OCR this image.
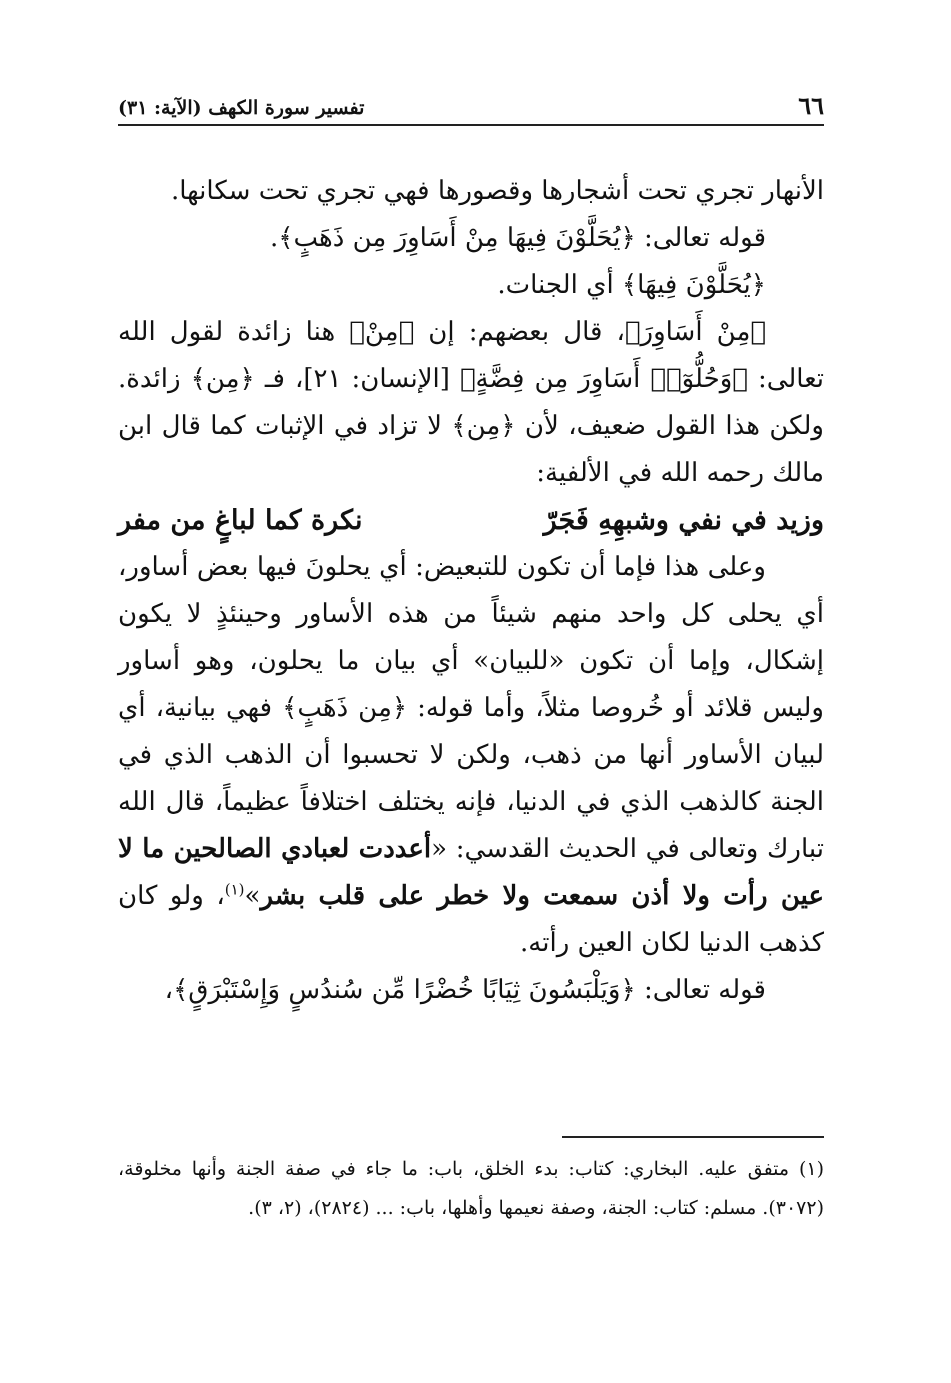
٦٦
تفسير سورة الكهف (الآية: ٣١)

الأنهار تجري تحت أشجارها وقصورها فهي تجري تحت سكانها.

قوله تعالى: ﴿يُحَلَّوْنَ فِيهَا مِنْ أَسَاوِرَ مِن ذَهَبٍ﴾.

﴿يُحَلَّوْنَ فِيهَا﴾ أي الجنات.

﴿مِنْ أَسَاوِرَ﴾، قال بعضهم: إن ﴿مِنْ﴾ هنا زائدة لقول الله تعالى: ﴿وَحُلُّوٓا۟ أَسَاوِرَ مِن فِضَّةٍ﴾ [الإنسان: ٢١]، فـ ﴿مِن﴾ زائدة. ولكن هذا القول ضعيف، لأن ﴿مِن﴾ لا تزاد في الإثبات كما قال ابن مالك رحمه الله في الألفية:

وزيد في نفي وشبهِهِ فَجَرّ
نكرة كما لباغٍ من مفر

وعلى هذا فإما أن تكون للتبعيض: أي يحلونَ فيها بعض أساور، أي يحلى كل واحد منهم شيئاً من هذه الأساور وحينئذٍ لا يكون إشكال، وإما أن تكون «للبيان» أي بيان ما يحلون، وهو أساور وليس قلائد أو خُروصا مثلاً، وأما قوله: ﴿مِن ذَهَبٍ﴾ فهي بيانية، أي لبيان الأساور أنها من ذهب، ولكن لا تحسبوا أن الذهب الذي في الجنة كالذهب الذي في الدنيا، فإنه يختلف اختلافاً عظيماً، قال الله تبارك وتعالى في الحديث القدسي: «أعددت لعبادي الصالحين ما لا عين رأت ولا أذن سمعت ولا خطر على قلب بشر»$^{(١)}$، ولو كان كذهب الدنيا لكان العين رأته.

قوله تعالى: ﴿وَيَلْبَسُونَ ثِيَابًا خُضْرًا مِّن سُندُسٍ وَإِسْتَبْرَقٍ﴾،

(١) متفق عليه. البخاري: كتاب: بدء الخلق، باب: ما جاء في صفة الجنة وأنها مخلوقة، (٣٠٧٢). مسلم: كتاب: الجنة، وصفة نعيمها وأهلها، باب: ... (٢٨٢٤)، (٢، ٣).
